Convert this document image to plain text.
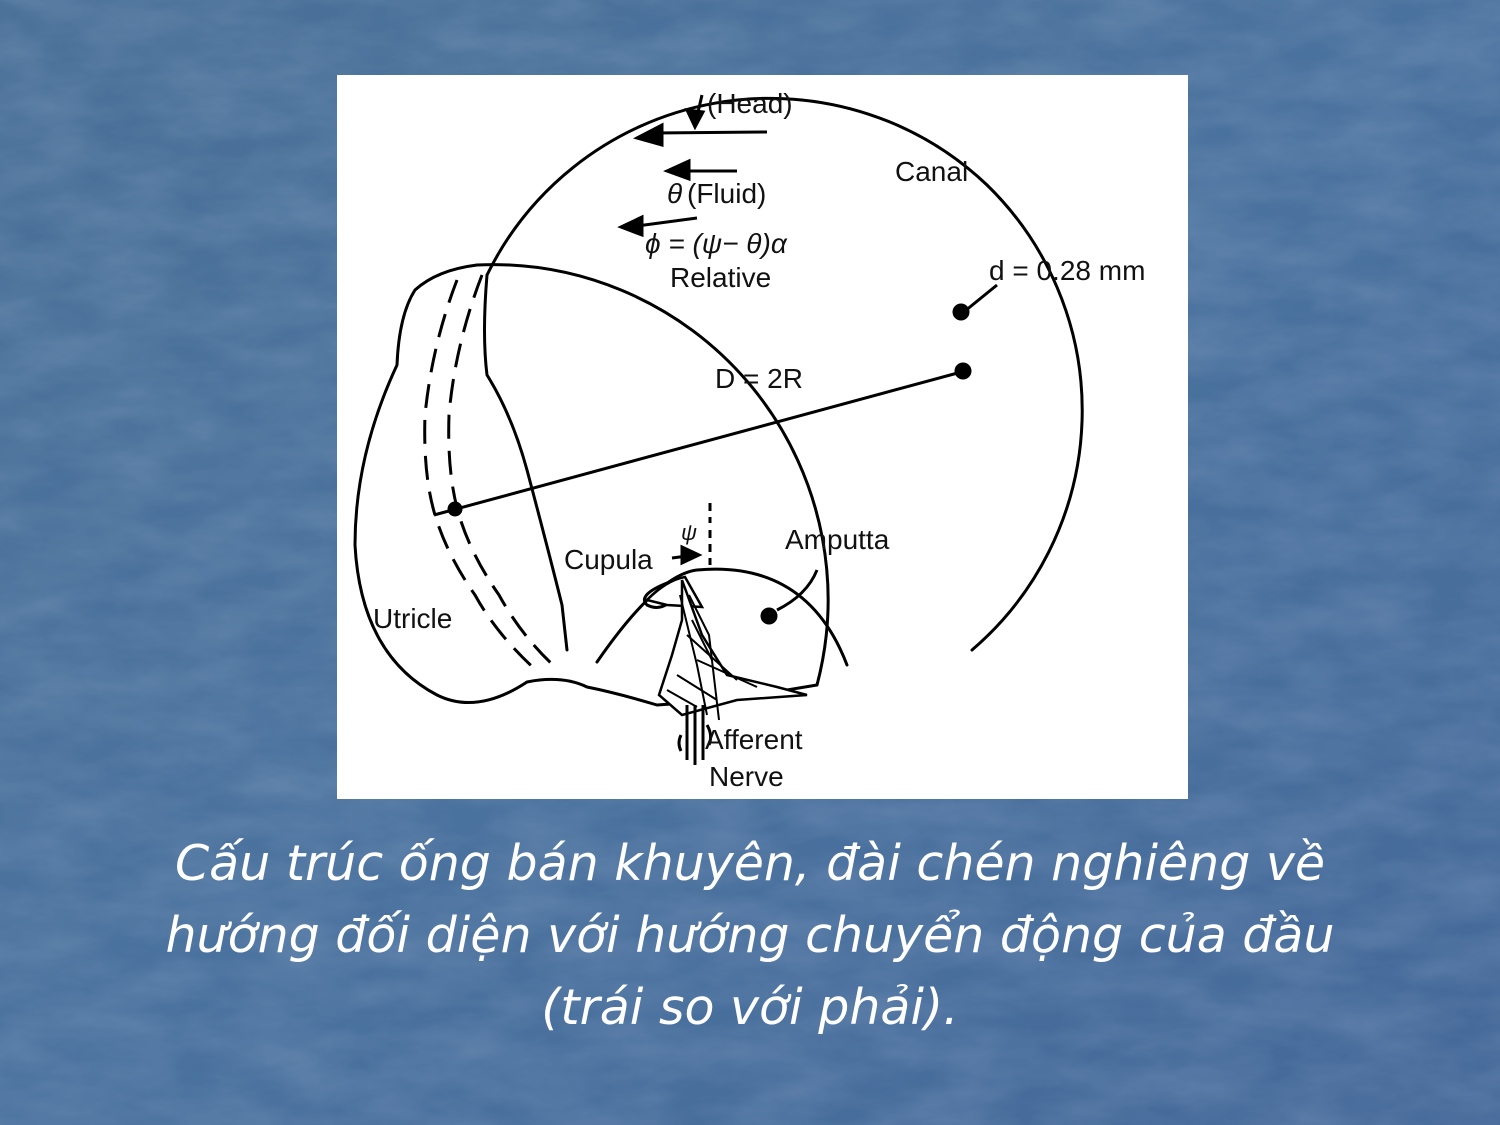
(Head)
Canal
θ (Fluid)
ϕ = (ψ− θ)α
Relative	d = 0.28 mm
D = 2R
Amputta
Cupula
ψ
Utricle
Afferent
Nerve
Cấu trúc ống bán khuyên, đài chén nghiêng về
hướng đối diện với hướng chuyển động của đầu
(trái so với phải).
